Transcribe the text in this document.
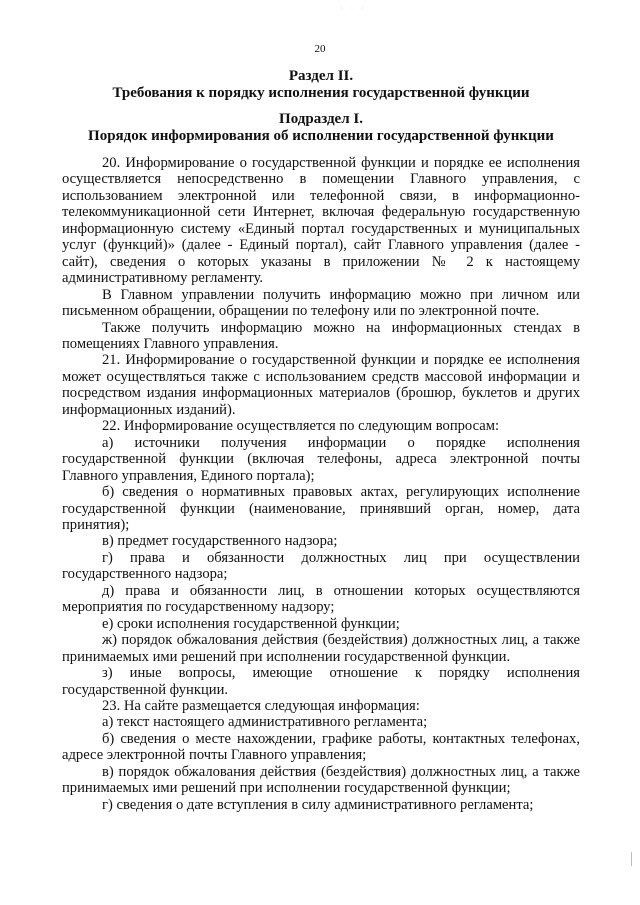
· · ·
20

Раздел II.

Требования к порядку исполнения государственной функции

Подраздел I.

Порядок информирования об исполнении государственной функции

20. Информирование о государственной функции и порядке ее исполнения осуществляется непосредственно в помещении Главного управления, с использованием электронной или телефонной связи, в информационно-телекоммуникационной сети Интернет, включая федеральную государственную информационную систему «Единый портал государственных и муниципальных услуг (функций)» (далее - Единый портал), сайт Главного управления (далее - сайт), сведения о которых указаны в приложении № 2 к настоящему административному регламенту.

В Главном управлении получить информацию можно при личном или письменном обращении, обращении по телефону или по электронной почте.

Также получить информацию можно на информационных стендах в помещениях Главного управления.

21. Информирование о государственной функции и порядке ее исполнения может осуществляться также с использованием средств массовой информации и посредством издания информационных материалов (брошюр, буклетов и других информационных изданий).

22. Информирование осуществляется по следующим вопросам:

а) источники получения информации о порядке исполнения государственной функции (включая телефоны, адреса электронной почты Главного управления, Единого портала);

б) сведения о нормативных правовых актах, регулирующих исполнение государственной функции (наименование, принявший орган, номер, дата принятия);

в) предмет государственного надзора;

г) права и обязанности должностных лиц при осуществлении государственного надзора;

д) права и обязанности лиц, в отношении которых осуществляются мероприятия по государственному надзору;

е) сроки исполнения государственной функции;

ж) порядок обжалования действия (бездействия) должностных лиц, а также принимаемых ими решений при исполнении государственной функции.

з) иные вопросы, имеющие отношение к порядку исполнения государственной функции.

23. На сайте размещается следующая информация:

а) текст настоящего административного регламента;

б) сведения о месте нахождении, графике работы, контактных телефонах, адресе электронной почты Главного управления;

в) порядок обжалования действия (бездействия) должностных лиц, а также принимаемых ими решений при исполнении государственной функции;

г) сведения о дате вступления в силу административного регламента;
